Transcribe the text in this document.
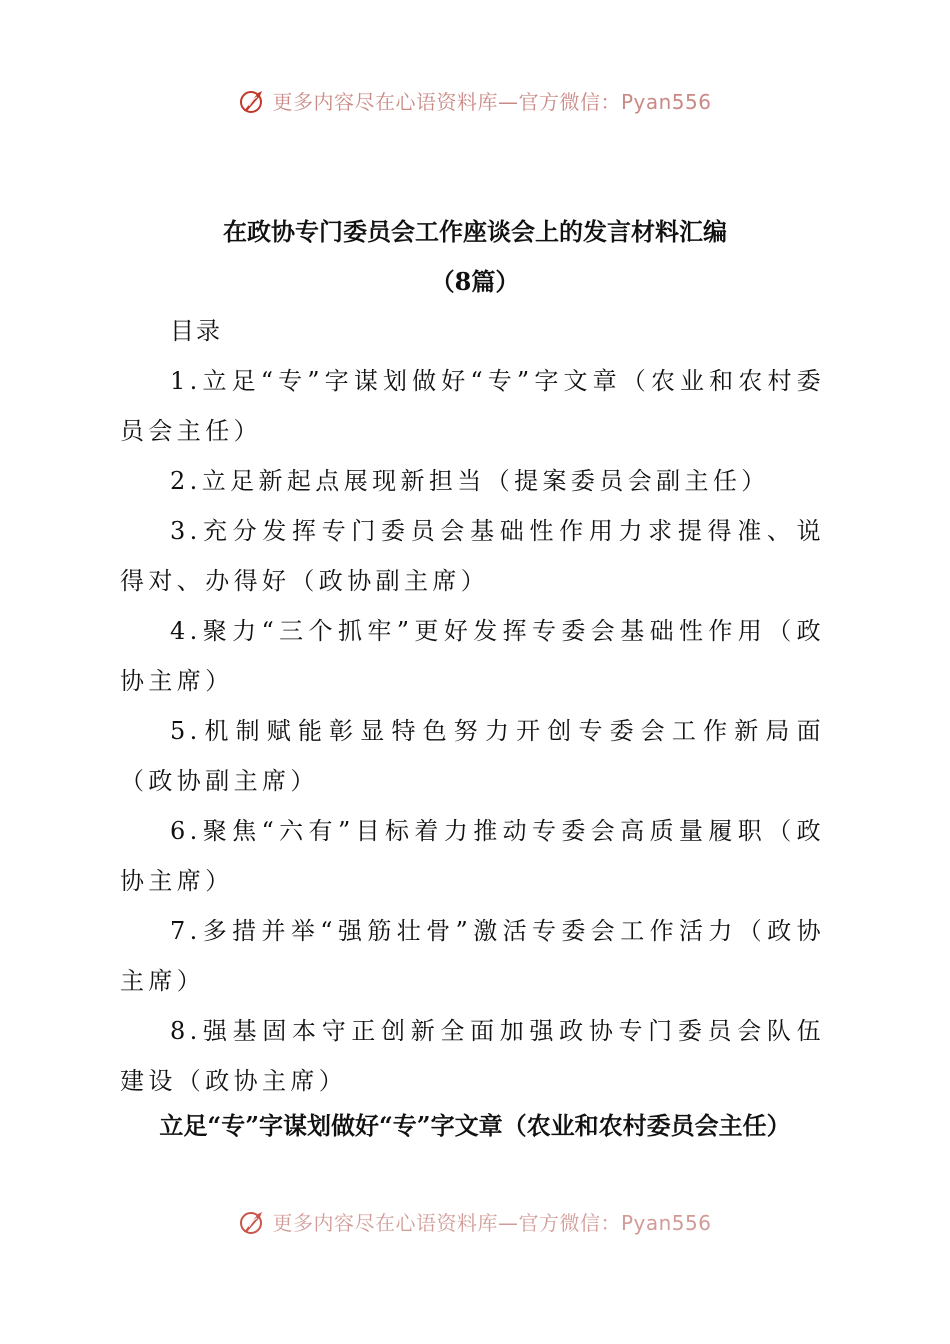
更多内容尽在心语资料库—官方微信：Pyan556
在政协专门委员会工作座谈会上的发言材料汇编
（8篇）
目录
1.立足“专”字谋划做好“专”字文章（农业和农村委员会主任）
2.立足新起点展现新担当（提案委员会副主任）
3.充分发挥专门委员会基础性作用力求提得准、说得对、办得好（政协副主席）
4.聚力“三个抓牢”更好发挥专委会基础性作用（政协主席）
5.机制赋能彰显特色努力开创专委会工作新局面（政协副主席）
6.聚焦“六有”目标着力推动专委会高质量履职（政协主席）
7.多措并举“强筋壮骨”激活专委会工作活力（政协主席）
8.强基固本守正创新全面加强政协专门委员会队伍建设（政协主席）
立足“专”字谋划做好“专”字文章（农业和农村委员会主任）
更多内容尽在心语资料库—官方微信：Pyan556
